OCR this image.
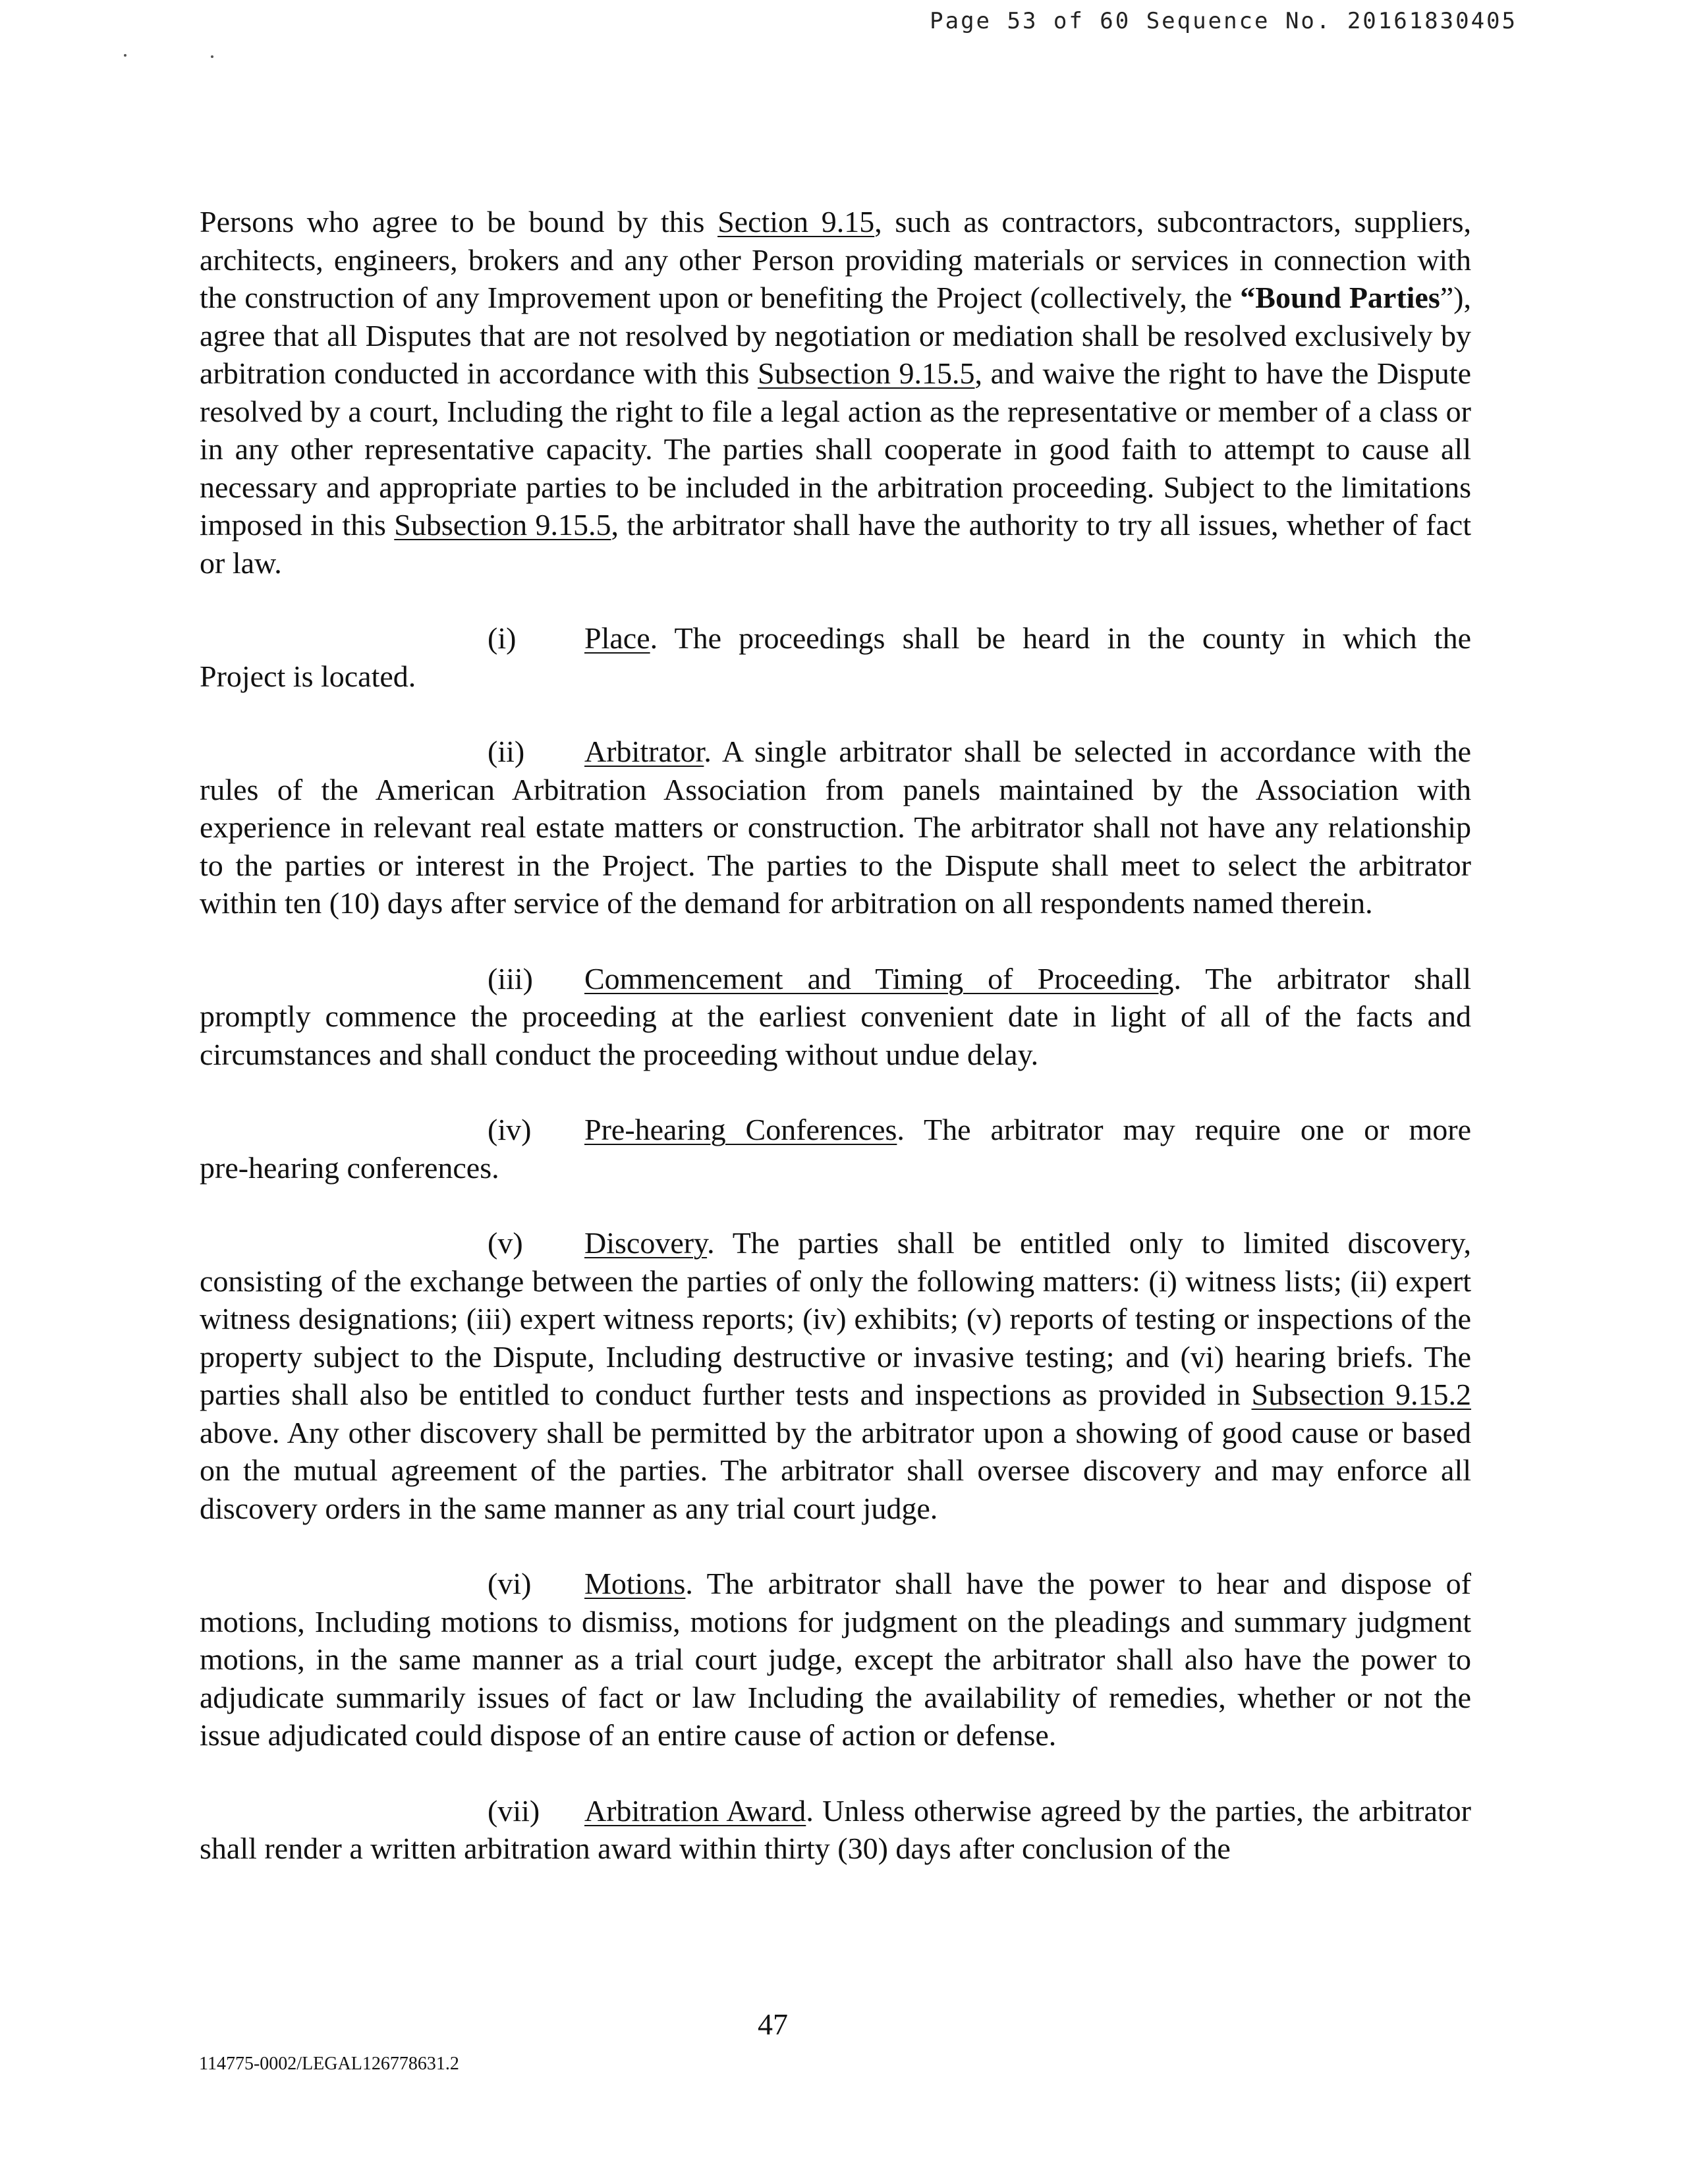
Page 53 of 60 Sequence No. 20161830405

Persons who agree to be bound by this Section 9.15, such as contractors, subcontractors, suppliers, architects, engineers, brokers and any other Person providing materials or services in connection with the construction of any Improvement upon or benefiting the Project (collectively, the “Bound Parties”), agree that all Disputes that are not resolved by negotiation or mediation shall be resolved exclusively by arbitration conducted in accordance with this Subsection 9.15.5, and waive the right to have the Dispute resolved by a court, Including the right to file a legal action as the representative or member of a class or in any other representative capacity. The parties shall cooperate in good faith to attempt to cause all necessary and appropriate parties to be included in the arbitration proceeding. Subject to the limitations imposed in this Subsection 9.15.5, the arbitrator shall have the authority to try all issues, whether of fact or law.

(i) Place. The proceedings shall be heard in the county in which the

Project is located.

(ii) Arbitrator. A single arbitrator shall be selected in accordance with the rules of the American Arbitration Association from panels maintained by the Association with experience in relevant real estate matters or construction. The arbitrator shall not have any relationship to the parties or interest in the Project. The parties to the Dispute shall meet to select the arbitrator within ten (10) days after service of the demand for arbitration on all respondents named therein.

(iii) Commencement and Timing of Proceeding. The arbitrator shall promptly commence the proceeding at the earliest convenient date in light of all of the facts and circumstances and shall conduct the proceeding without undue delay.

(iv) Pre-hearing Conferences. The arbitrator may require one or more

pre-hearing conferences.

(v) Discovery. The parties shall be entitled only to limited discovery, consisting of the exchange between the parties of only the following matters: (i) witness lists; (ii) expert witness designations; (iii) expert witness reports; (iv) exhibits; (v) reports of testing or inspections of the property subject to the Dispute, Including destructive or invasive testing; and (vi) hearing briefs. The parties shall also be entitled to conduct further tests and inspections as provided in Subsection 9.15.2 above. Any other discovery shall be permitted by the arbitrator upon a showing of good cause or based on the mutual agreement of the parties. The arbitrator shall oversee discovery and may enforce all discovery orders in the same manner as any trial court judge.

(vi) Motions. The arbitrator shall have the power to hear and dispose of motions, Including motions to dismiss, motions for judgment on the pleadings and summary judgment motions, in the same manner as a trial court judge, except the arbitrator shall also have the power to adjudicate summarily issues of fact or law Including the availability of remedies, whether or not the issue adjudicated could dispose of an entire cause of action or defense.

(vii) Arbitration Award. Unless otherwise agreed by the parties, the arbitrator shall render a written arbitration award within thirty (30) days after conclusion of the

47
114775-0002/LEGAL126778631.2
